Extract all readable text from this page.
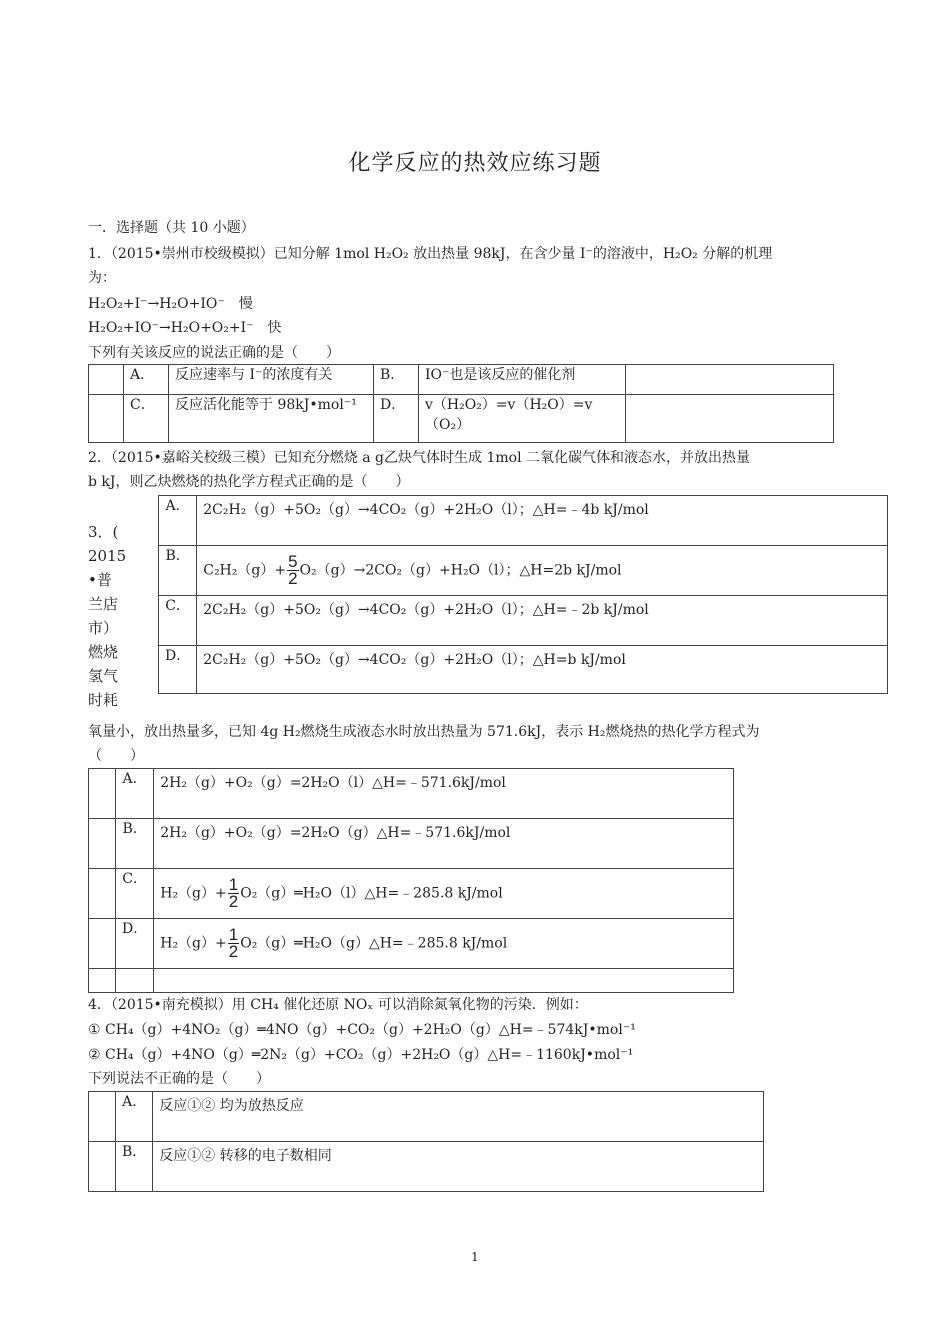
化学反应的热效应练习题
一．选择题（共 10 小题）
1．（2015•崇州市校级模拟）已知分解 1mol H₂O₂ 放出热量 98kJ，在含少量 I⁻的溶液中，H₂O₂ 分解的机理
为：
H₂O₂+I⁻→H₂O+IO⁻　慢
H₂O₂+IO⁻→H₂O+O₂+I⁻　快
下列有关该反应的说法正确的是（　　）
	A．	反应速率与 I⁻的浓度有关	B．	IO⁻也是该反应的催化剂	
	C．	反应活化能等于 98kJ•mol⁻¹	D．	v（H₂O₂）=v（H₂O）=v（O₂）	
2．（2015•嘉峪关校级三模）已知充分燃烧 a g乙炔气体时生成 1mol 二氧化碳气体和液态水，并放出热量
b kJ，则乙炔燃烧的热化学方程式正确的是（　　）
3．(
2015
•普
兰店
市）
燃烧
氢气
时耗
A．	2C₂H₂（g）+5O₂（g）→4CO₂（g）+2H₂O（l）；△H=﹣4b kJ/mol
B．	$C_2H_2(g)+ \frac{5}{2} O_2(g)\to 2CO_2(g)+H_2O(l)$；△H=2b kJ/mol
C．	2C₂H₂（g）+5O₂（g）→4CO₂（g）+2H₂O（l）；△H=﹣2b kJ/mol
D．	2C₂H₂（g）+5O₂（g）→4CO₂（g）+2H₂O（l）；△H=b kJ/mol
氧量小，放出热量多，已知 4g H₂燃烧生成液态水时放出热量为 571.6kJ，表示 H₂燃烧热的热化学方程式为
（　　）
	A．	2H₂（g）+O₂（g）=2H₂O（l）△H=﹣571.6kJ/mol
	B．	2H₂（g）+O₂（g）=2H₂O（g）△H=﹣571.6kJ/mol
	C．	$H_2(g)+ \frac{1}{2}$ O₂（g）═H₂O（l）△H=﹣285.8 kJ/mol
	D．	$H_2(g)+ \frac{1}{2}$ O₂（g）═H₂O（g）△H=﹣285.8 kJ/mol

4．（2015•南充模拟）用 CH₄ 催化还原 NOₓ 可以消除氮氧化物的污染．例如：
① CH₄（g）+4NO₂（g）═4NO（g）+CO₂（g）+2H₂O（g）△H=﹣574kJ•mol⁻¹
② CH₄（g）+4NO（g）═2N₂（g）+CO₂（g）+2H₂O（g）△H=﹣1160kJ•mol⁻¹
下列说法不正确的是（　　）
	A．	反应①② 均为放热反应
	B．	反应①② 转移的电子数相同
1
